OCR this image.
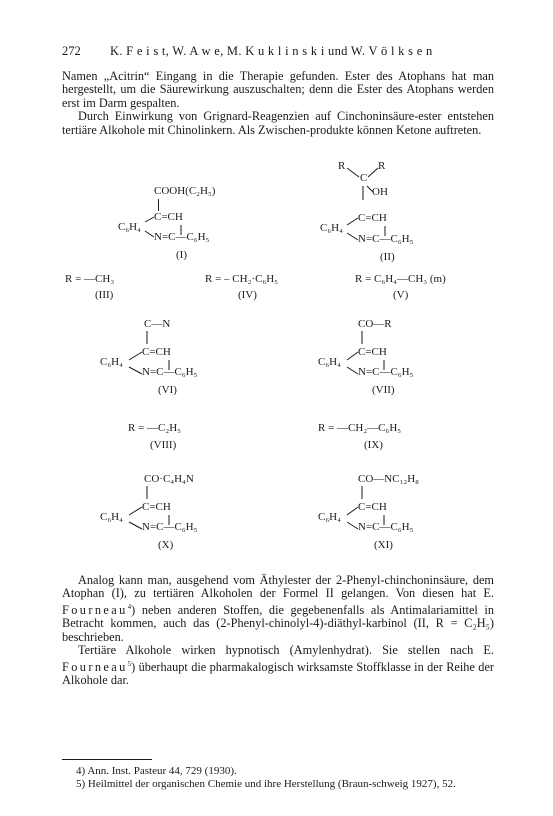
272 K. F e i s t, W. A w e, M. K u k l i n s k i und W. V ö l k s e n

Namen „Acitrin“ Eingang in die Therapie gefunden. Ester des Atophans hat man hergestellt, um die Säurewirkung auszuschalten; denn die Ester des Atophans werden erst im Darm gespalten.

Durch Einwirkung von Grignard-Reagenzien auf Cinchoninsäure-ester entstehen tertiäre Alkohole mit Chinolinkern. Als Zwischen-produkte können Ketone auftreten.

COOH(C₂H₅)
C=CH
C₆H₄
N=C—C₆H₅
(I)
R	R
C
OH
C=CH
C₆H₄
N=C—C₆H₅
(II)
R = —CH₃
(III)
R = – CH₂·C₆H₅
(IV)
R = C₆H₄—CH₃ (m)
(V)
C—N
C=CH
C₆H₄
N=C—C₆H₅
(VI)
CO—R
C=CH
C₆H₄
N=C—C₆H₅
(VII)
R = —C₂H₅
(VIII)
R = —CH₂—C₆H₅
(IX)
CO·C₄H₄N
C=CH
C₆H₄
N=C—C₆H₅
(X)
CO—NC₁₂H₈
C=CH
C₆H₄
N=C—C₆H₅
(XI)

Analog kann man, ausgehend vom Äthylester der 2-Phenyl-chinchoninsäure, dem Atophan (I), zu tertiären Alkoholen der Formel II gelangen. Von diesen hat E. Fourneau$^4$) neben anderen Stoffen, die gegebenenfalls als Antimalariamittel in Betracht kommen, auch das (2-Phenyl-chinolyl-4)-diäthyl-karbinol (II, R = C₂H₅) beschrieben.

Tertiäre Alkohole wirken hypnotisch (Amylenhydrat). Sie stellen nach E. Fourneau$^5$) überhaupt die pharmakalogisch wirksamste Stoffklasse in der Reihe der Alkohole dar.

4) Ann. Inst. Pasteur 44, 729 (1930).

5) Heilmittel der organischen Chemie und ihre Herstellung (Braun-schweig 1927), 52.
